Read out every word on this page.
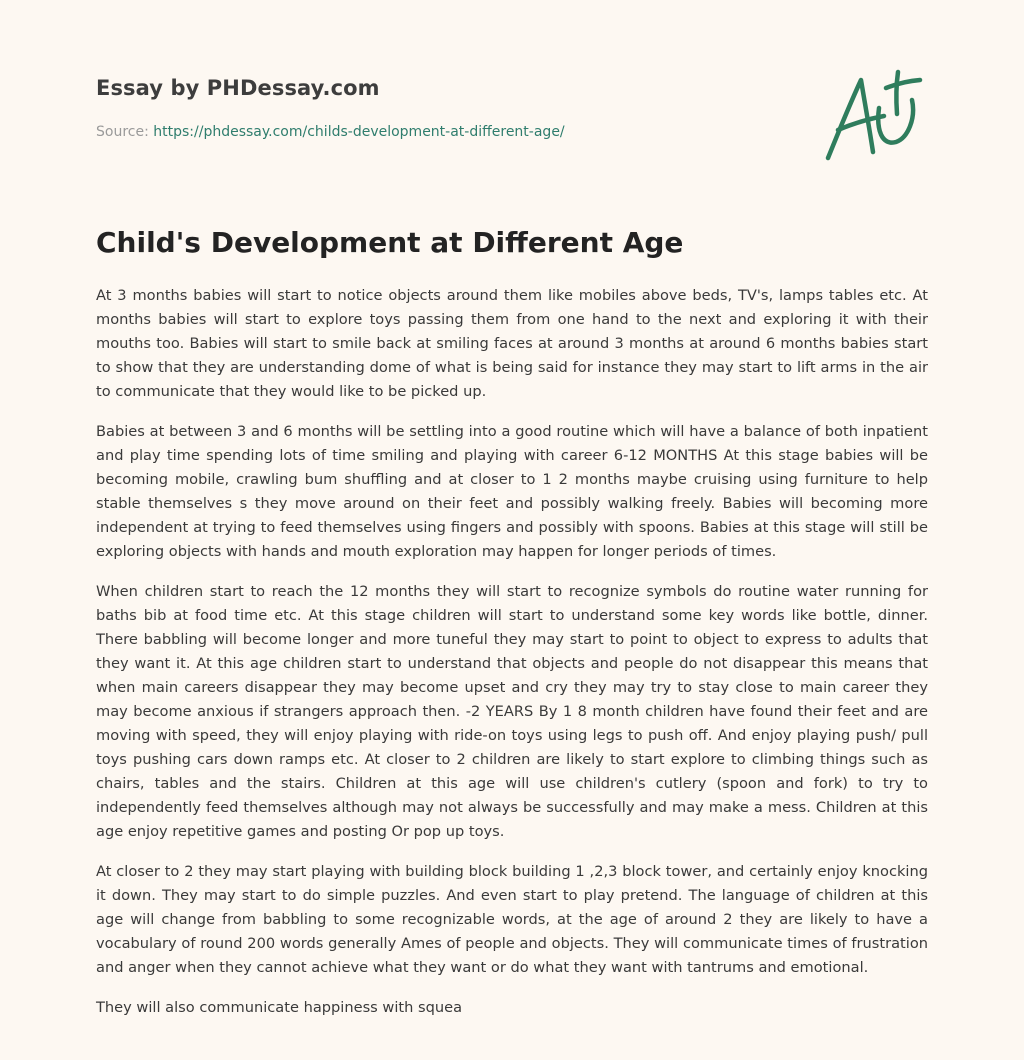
Essay by PHDessay.com
Source: https://phdessay.com/childs-development-at-different-age/
Child's Development at Different Age

At 3 months babies will start to notice objects around them like mobiles above beds, TV's, lamps tables etc. At months babies will start to explore toys passing them from one hand to the next and exploring it with their mouths too. Babies will start to smile back at smiling faces at around 3 months at around 6 months babies start to show that they are understanding dome of what is being said for instance they may start to lift arms in the air to communicate that they would like to be picked up.

Babies at between 3 and 6 months will be settling into a good routine which will have a balance of both inpatient and play time spending lots of time smiling and playing with career 6-12 MONTHS At this stage babies will be becoming mobile, crawling bum shuffling and at closer to 1 2 months maybe cruising using furniture to help stable themselves s they move around on their feet and possibly walking freely. Babies will becoming more independent at trying to feed themselves using fingers and possibly with spoons. Babies at this stage will still be exploring objects with hands and mouth exploration may happen for longer periods of times.

When children start to reach the 12 months they will start to recognize symbols do routine water running for baths bib at food time etc. At this stage children will start to understand some key words like bottle, dinner. There babbling will become longer and more tuneful they may start to point to object to express to adults that they want it. At this age children start to understand that objects and people do not disappear this means that when main careers disappear they may become upset and cry they may try to stay close to main career they may become anxious if strangers approach then. -2 YEARS By 1 8 month children have found their feet and are moving with speed, they will enjoy playing with ride-on toys using legs to push off. And enjoy playing push/ pull toys pushing cars down ramps etc. At closer to 2 children are likely to start explore to climbing things such as chairs, tables and the stairs. Children at this age will use children's cutlery (spoon and fork) to try to independently feed themselves although may not always be successfully and may make a mess. Children at this age enjoy repetitive games and posting Or pop up toys.

At closer to 2 they may start playing with building block building 1 ,2,3 block tower, and certainly enjoy knocking it down. They may start to do simple puzzles. And even start to play pretend. The language of children at this age will change from babbling to some recognizable words, at the age of around 2 they are likely to have a vocabulary of round 200 words generally Ames of people and objects. They will communicate times of frustration and anger when they cannot achieve what they want or do what they want with tantrums and emotional.

They will also communicate happiness with squea
